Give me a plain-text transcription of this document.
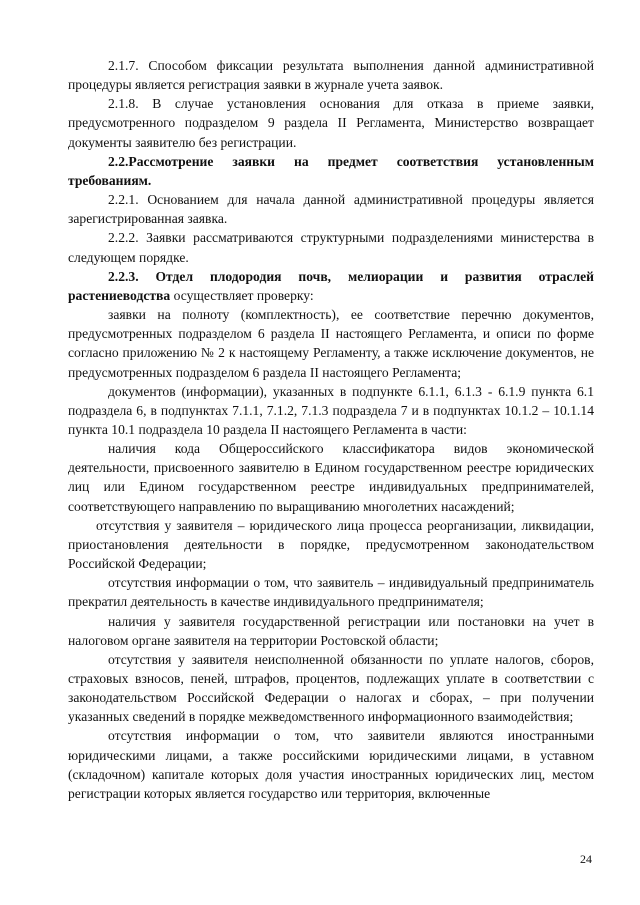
2.1.7. Способом фиксации результата выполнения данной административной процедуры является регистрация заявки в журнале учета заявок.

2.1.8. В случае установления основания для отказа в приеме заявки, предусмотренного подразделом 9 раздела II Регламента, Министерство возвращает документы заявителю без регистрации.

2.2.Рассмотрение заявки на предмет соответствия установленным требованиям.

2.2.1. Основанием для начала данной административной процедуры является зарегистрированная заявка.

2.2.2. Заявки рассматриваются структурными подразделениями министерства в следующем порядке.

2.2.3. Отдел плодородия почв, мелиорации и развития отраслей растениеводства осуществляет проверку:

заявки на полноту (комплектность), ее соответствие перечню документов, предусмотренных подразделом 6 раздела II настоящего Регламента, и описи по форме согласно приложению № 2 к настоящему Регламенту, а также исключение документов, не предусмотренных подразделом 6 раздела II настоящего Регламента;

документов (информации), указанных в подпункте 6.1.1, 6.1.3 - 6.1.9 пункта 6.1 подраздела 6, в подпунктах 7.1.1, 7.1.2, 7.1.3 подраздела 7 и в подпунктах 10.1.2 – 10.1.14 пункта 10.1 подраздела 10 раздела II настоящего Регламента в части:

наличия кода Общероссийского классификатора видов экономической деятельности, присвоенного заявителю в Едином государственном реестре юридических лиц или Едином государственном реестре индивидуальных предпринимателей, соответствующего направлению по выращиванию многолетних насаждений;

отсутствия у заявителя – юридического лица процесса реорганизации, ликвидации, приостановления деятельности в порядке, предусмотренном законодательством Российской Федерации;

отсутствия информации о том, что заявитель – индивидуальный предприниматель прекратил деятельность в качестве индивидуального предпринимателя;

наличия у заявителя государственной регистрации или постановки на учет в налоговом органе заявителя на территории Ростовской области;

отсутствия у заявителя неисполненной обязанности по уплате налогов, сборов, страховых взносов, пеней, штрафов, процентов, подлежащих уплате в соответствии с законодательством Российской Федерации о налогах и сборах, – при получении указанных сведений в порядке межведомственного информационного взаимодействия;

отсутствия информации о том, что заявители являются иностранными юридическими лицами, а также российскими юридическими лицами, в уставном (складочном) капитале которых доля участия иностранных юридических лиц, местом регистрации которых является государство или территория, включенные

24
